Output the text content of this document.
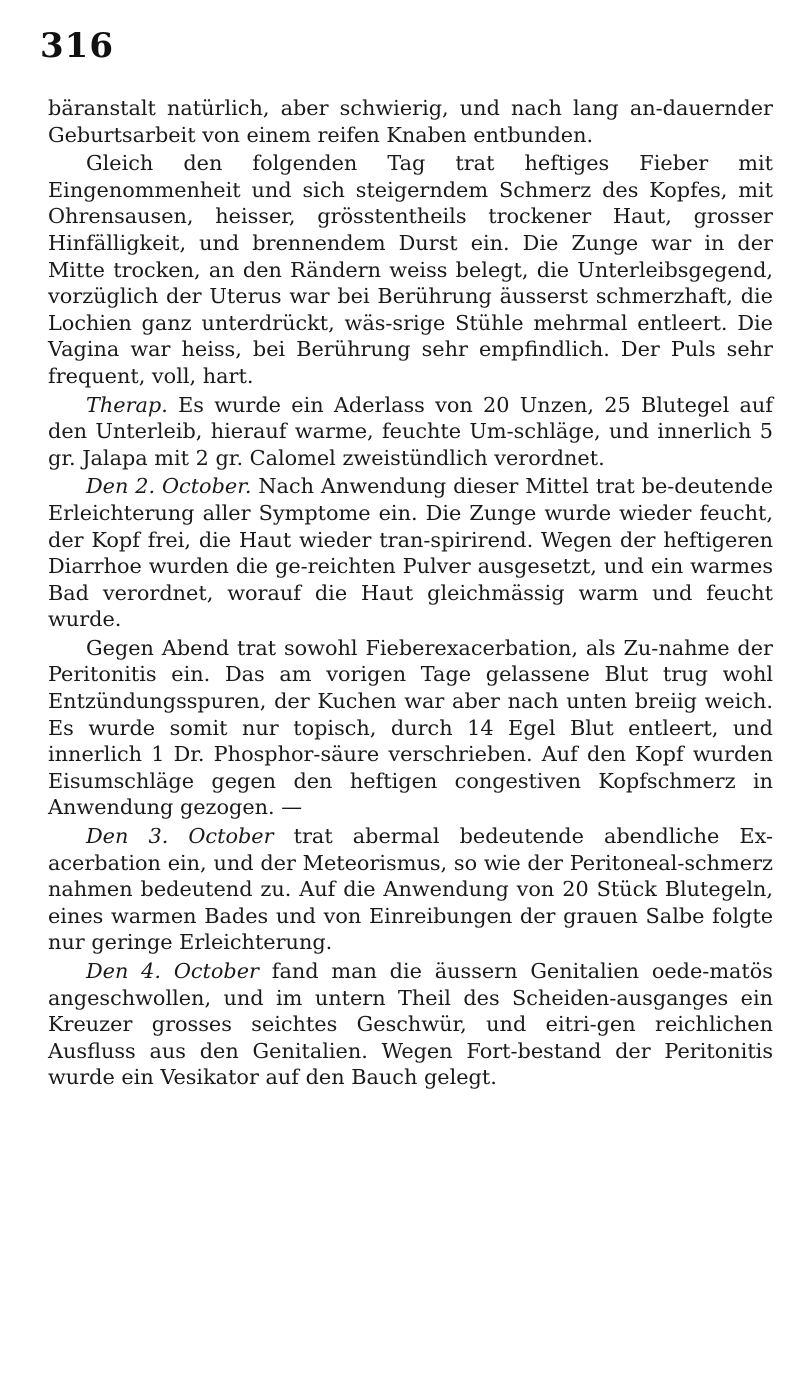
316

bäranstalt natürlich, aber schwierig, und nach lang an-dauernder Geburtsarbeit von einem reifen Knaben entbunden.

Gleich den folgenden Tag trat heftiges Fieber mit Eingenommenheit und sich steigerndem Schmerz des Kopfes, mit Ohrensausen, heisser, grösstentheils trockener Haut, grosser Hinfälligkeit, und brennendem Durst ein. Die Zunge war in der Mitte trocken, an den Rändern weiss belegt, die Unterleibsgegend, vorzüglich der Uterus war bei Berührung äusserst schmerzhaft, die Lochien ganz unterdrückt, wäs-srige Stühle mehrmal entleert. Die Vagina war heiss, bei Berührung sehr empfindlich. Der Puls sehr frequent, voll, hart.

Therap. Es wurde ein Aderlass von 20 Unzen, 25 Blutegel auf den Unterleib, hierauf warme, feuchte Um-schläge, und innerlich 5 gr. Jalapa mit 2 gr. Calomel zweistündlich verordnet.

Den 2. October. Nach Anwendung dieser Mittel trat be-deutende Erleichterung aller Symptome ein. Die Zunge wurde wieder feucht, der Kopf frei, die Haut wieder tran-spirirend. Wegen der heftigeren Diarrhoe wurden die ge-reichten Pulver ausgesetzt, und ein warmes Bad verordnet, worauf die Haut gleichmässig warm und feucht wurde.

Gegen Abend trat sowohl Fieberexacerbation, als Zu-nahme der Peritonitis ein. Das am vorigen Tage gelassene Blut trug wohl Entzündungsspuren, der Kuchen war aber nach unten breiig weich. Es wurde somit nur topisch, durch 14 Egel Blut entleert, und innerlich 1 Dr. Phosphor-säure verschrieben. Auf den Kopf wurden Eisumschläge gegen den heftigen congestiven Kopfschmerz in Anwendung gezogen. —

Den 3. October trat abermal bedeutende abendliche Ex-acerbation ein, und der Meteorismus, so wie der Peritoneal-schmerz nahmen bedeutend zu. Auf die Anwendung von 20 Stück Blutegeln, eines warmen Bades und von Einreibungen der grauen Salbe folgte nur geringe Erleichterung.

Den 4. October fand man die äussern Genitalien oede-matös angeschwollen, und im untern Theil des Scheiden-ausganges ein Kreuzer grosses seichtes Geschwür, und eitri-gen reichlichen Ausfluss aus den Genitalien. Wegen Fort-bestand der Peritonitis wurde ein Vesikator auf den Bauch gelegt.
